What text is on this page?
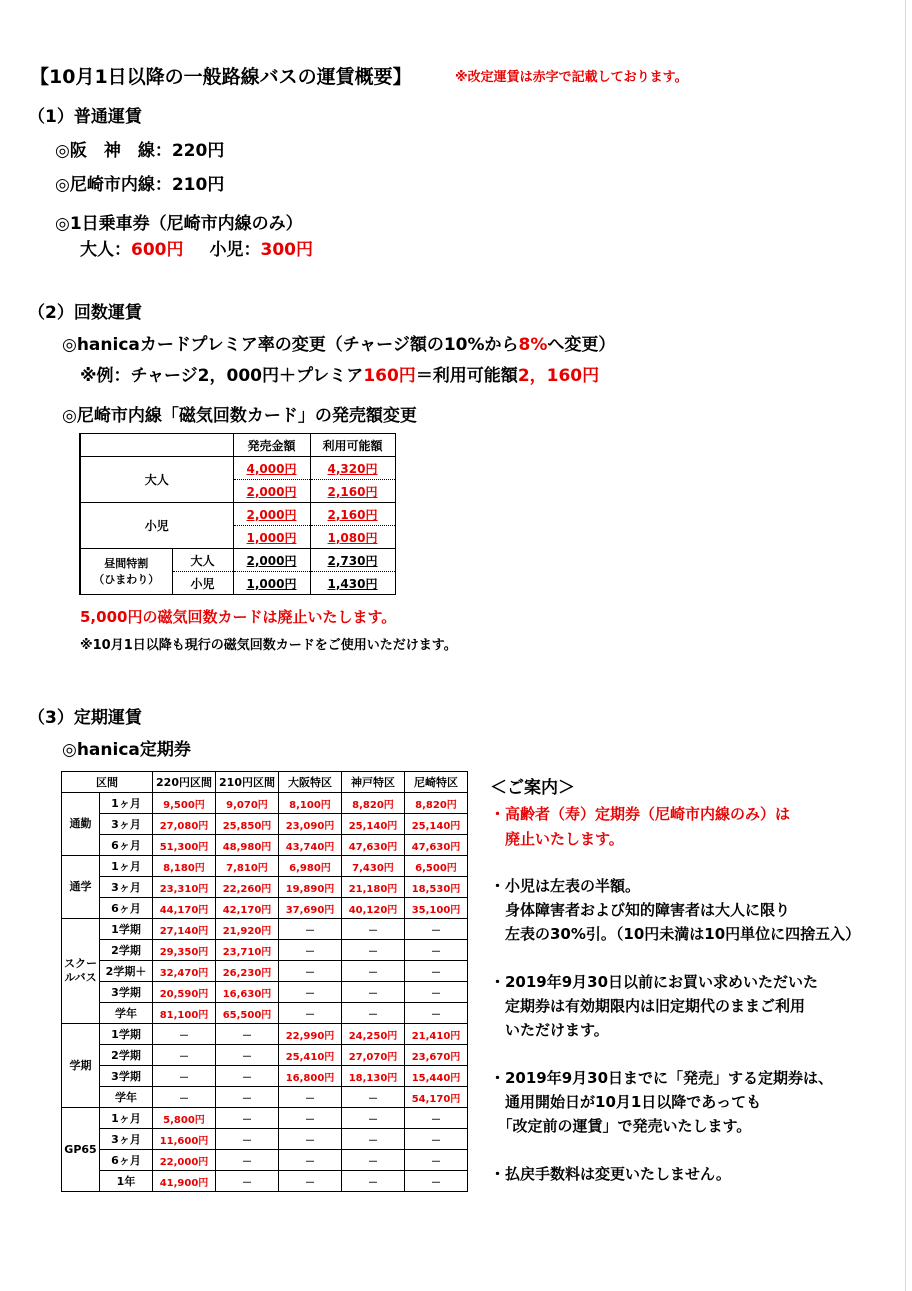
【10月1日以降の一般路線バスの運賃概要】	※改定運賃は赤字で記載しております。
（1）普通運賃
◎阪　神　線：220円
◎尼崎市内線：210円
◎1日乗車券（尼崎市内線のみ）
大人：600円 小児：300円
（2）回数運賃
◎hanicaカードプレミア率の変更（チャージ額の10%から8%へ変更）
※例：チャージ2，000円＋プレミア160円＝利用可能額2，160円
◎尼崎市内線「磁気回数カード」の発売額変更
		発売金額	利用可能額
大人		4,000円	4,320円
		2,000円	2,160円
小児		2,000円	2,160円
		1,000円	1,080円

昼間特割
（ひまわり）	大人	2,000円	2,730円
	小児	1,000円	1,430円
5,000円の磁気回数カードは廃止いたします。
※10月1日以降も現行の磁気回数カードをご使用いただけます。
（3）定期運賃
◎hanica定期券
区間		220円区間	210円区間	大阪特区	神戸特区	尼崎特区
通勤	1ヶ月	9,500円	9,070円	8,100円	8,820円	8,820円
	3ヶ月	27,080円	25,850円	23,090円	25,140円	25,140円
	6ヶ月	51,300円	48,980円	43,740円	47,630円	47,630円
通学	1ヶ月	8,180円	7,810円	6,980円	7,430円	6,500円
	3ヶ月	23,310円	22,260円	19,890円	21,180円	18,530円
	6ヶ月	44,170円	42,170円	37,690円	40,120円	35,100円
スクールバス	1学期	27,140円	21,920円	－	－	－
	2学期	29,350円	23,710円	－	－	－
	2学期＋	32,470円	26,230円	－	－	－
	3学期	20,590円	16,630円	－	－	－
	学年	81,100円	65,500円	－	－	－
学期	1学期	－	－	22,990円	24,250円	21,410円
	2学期	－	－	25,410円	27,070円	23,670円
	3学期	－	－	16,800円	18,130円	15,440円
	学年	－	－	－	－	54,170円
GP65	1ヶ月	5,800円	－	－	－	－
	3ヶ月	11,600円	－	－	－	－
	6ヶ月	22,000円	－	－	－	－
	1年	41,900円	－	－	－	－
＜ご案内＞
・高齢者（寿）定期券（尼崎市内線のみ）は
　廃止いたします。
・小児は左表の半額。
　身体障害者および知的障害者は大人に限り
　左表の30%引。（10円未満は10円単位に四捨五入）
・2019年9月30日以前にお買い求めいただいた
　定期券は有効期限内は旧定期代のままご利用
　いただけます。
・2019年9月30日までに「発売」する定期券は、
　通用開始日が10月1日以降であっても
　「改定前の運賃」で発売いたします。
・払戻手数料は変更いたしません。
